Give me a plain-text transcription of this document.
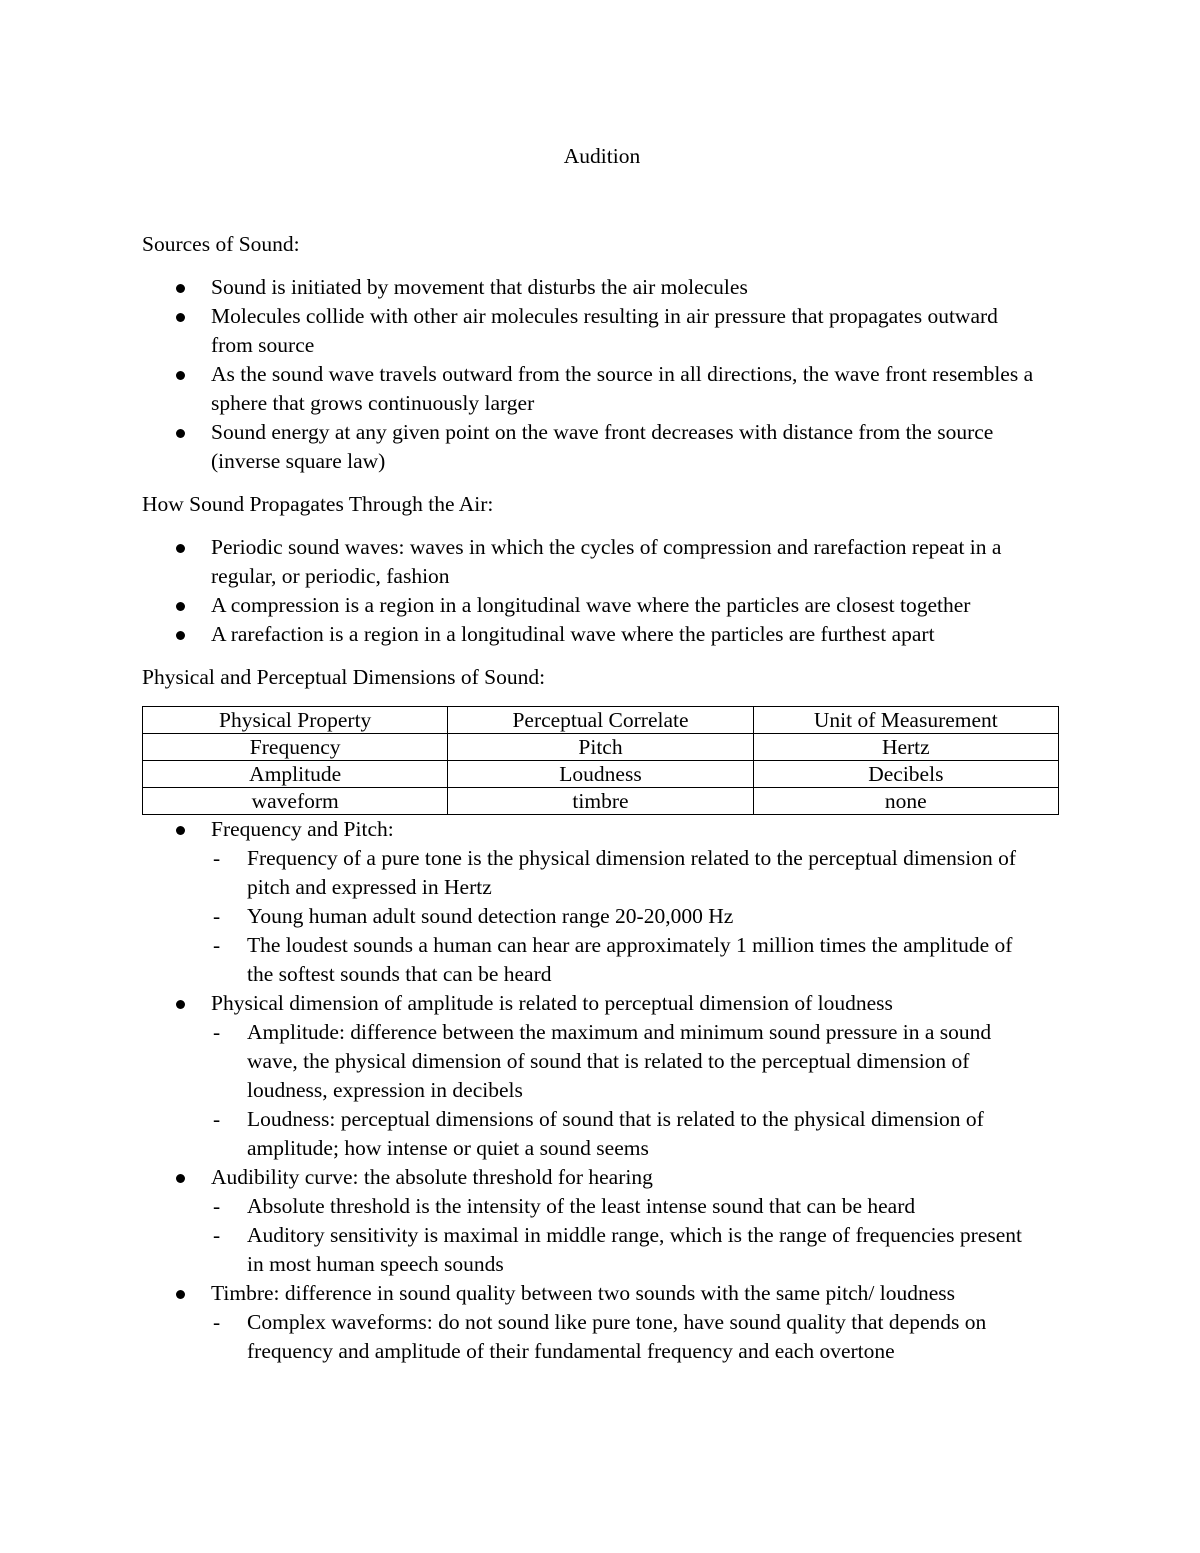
Audition
Sources of Sound:
Sound is initiated by movement that disturbs the air molecules
Molecules collide with other air molecules resulting in air pressure that propagates outward from source
As the sound wave travels outward from the source in all directions, the wave front resembles a sphere that grows continuously larger
Sound energy at any given point on the wave front decreases with distance from the source (inverse square law)
How Sound Propagates Through the Air:
Periodic sound waves: waves in which the cycles of compression and rarefaction repeat in a regular, or periodic, fashion
A compression is a region in a longitudinal wave where the particles are closest together
A rarefaction is a region in a longitudinal wave where the particles are furthest apart
Physical and Perceptual Dimensions of Sound:
Physical Property	Perceptual Correlate	Unit of Measurement
Frequency	Pitch	Hertz
Amplitude	Loudness	Decibels
waveform	timbre	none
Frequency and Pitch:
- Frequency of a pure tone is the physical dimension related to the perceptual dimension of pitch and expressed in Hertz
- Young human adult sound detection range 20-20,000 Hz
- The loudest sounds a human can hear are approximately 1 million times the amplitude of the softest sounds that can be heard
Physical dimension of amplitude is related to perceptual dimension of loudness
- Amplitude: difference between the maximum and minimum sound pressure in a sound wave, the physical dimension of sound that is related to the perceptual dimension of loudness, expression in decibels
- Loudness: perceptual dimensions of sound that is related to the physical dimension of amplitude; how intense or quiet a sound seems
Audibility curve: the absolute threshold for hearing
- Absolute threshold is the intensity of the least intense sound that can be heard
- Auditory sensitivity is maximal in middle range, which is the range of frequencies present in most human speech sounds
Timbre: difference in sound quality between two sounds with the same pitch/ loudness
- Complex waveforms: do not sound like pure tone, have sound quality that depends on frequency and amplitude of their fundamental frequency and each overtone
